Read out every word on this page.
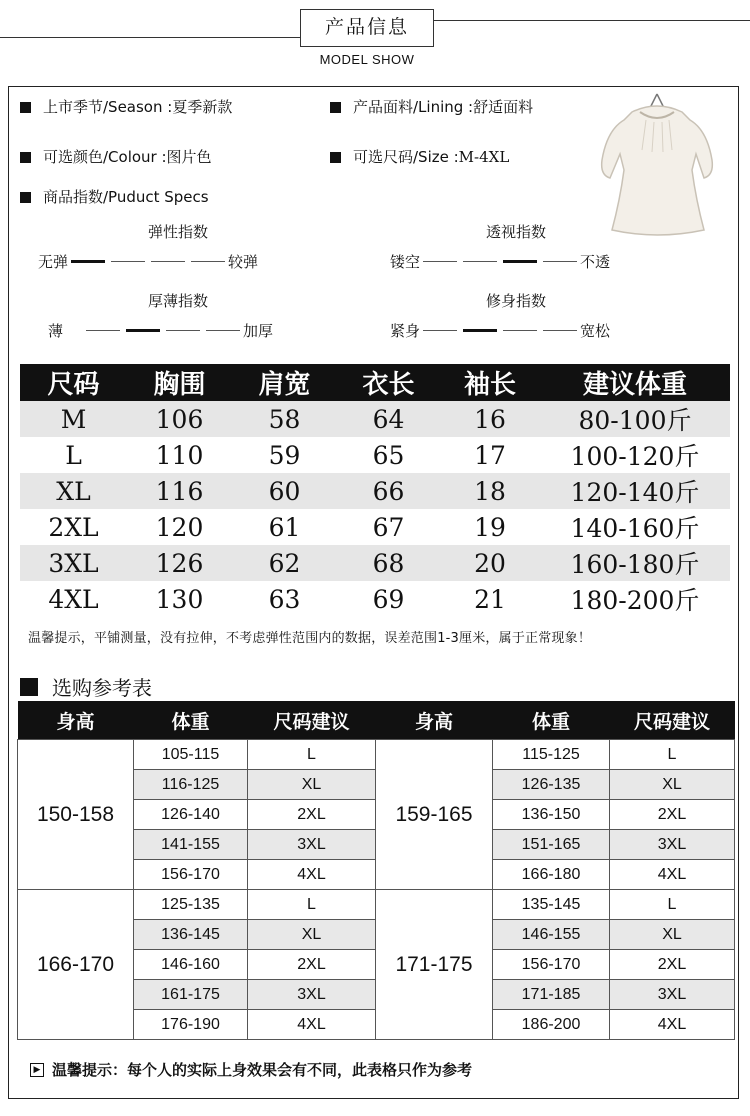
产品信息
MODEL SHOW
上市季节/Season :夏季新款	产品面料/Lining :舒适面料
可选颜色/Colour :图片色	可选尺码/Size :M-4XL
商品指数/Puduct Specs
弹性指数
无弹	较弹
透视指数
镂空	不透
厚薄指数
薄	加厚
修身指数
紧身	宽松
尺码	胸围	肩宽	衣长	袖长	建议体重
M	106	58	64	16	80-100斤
L	110	59	65	17	100-120斤
XL	116	60	66	18	120-140斤
2XL	120	61	67	19	140-160斤
3XL	126	62	68	20	160-180斤
4XL	130	63	69	21	180-200斤
温馨提示，平铺测量，没有拉伸，不考虑弹性范围内的数据，误差范围1-3厘米，属于正常现象！
选购参考表
身高	体重	尺码建议	身高	体重	尺码建议
150-158	105-115	L	159-165	115-125	L
	116-125	XL		126-135	XL
	126-140	2XL		136-150	2XL
	141-155	3XL		151-165	3XL
	156-170	4XL		166-180	4XL
166-170	125-135	L	171-175	135-145	L
	136-145	XL		146-155	XL
	146-160	2XL		156-170	2XL
	161-175	3XL		171-185	3XL
	176-190	4XL		186-200	4XL
▶ 温馨提示：每个人的实际上身效果会有不同，此表格只作为参考
